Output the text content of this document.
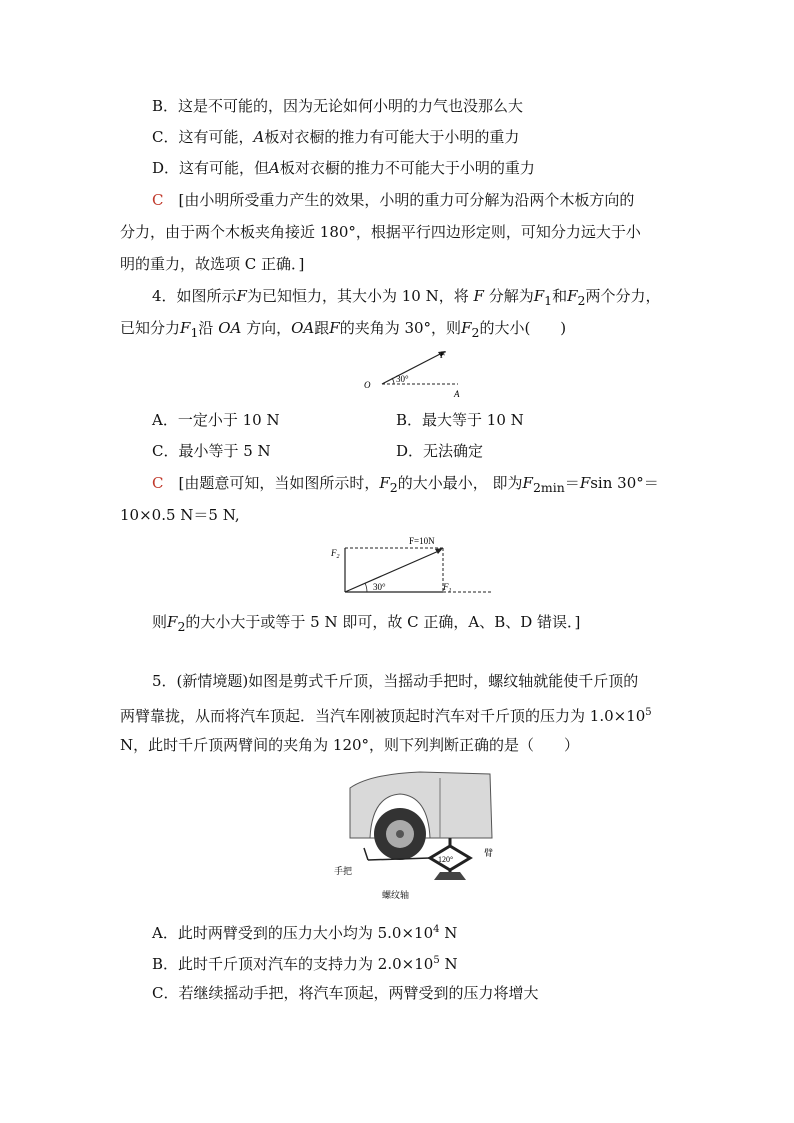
B．这是不可能的，因为无论如何小明的力气也没那么大
C．这有可能，A板对衣橱的推力有可能大于小明的重力
D．这有可能，但A板对衣橱的推力不可能大于小明的重力
C　 [由小明所受重力产生的效果，小明的重力可分解为沿两个木板方向的
分力，由于两个木板夹角接近 180°，根据平行四边形定则，可知分力远大于小
明的重力，故选项 C 正确．]
4．如图所示F为已知恒力，其大小为 10 N，将 F 分解为$F_1$和$F_2$两个分力，
已知分力$F_1$沿 OA 方向，OA跟F的夹角为 30°，则$F_2$的大小(　　)
F
O
A
30°
A．一定小于 10 N	B．最大等于 10 N
C．最小等于 5 N	D．无法确定
C　 [由题意可知，当如图所示时，$F_2$的大小最小， 即为$F_{2min}=Fsin$ 30°＝
10×0.5 N＝5 N,
F=10N
$F_2$
$F_1$
30°
则$F_2$的大小大于或等于 5 N 即可，故 C 正确，A、B、D 错误．]
5．(新情境题)如图是剪式千斤顶，当摇动手把时，螺纹轴就能使千斤顶的
两臂靠拢，从而将汽车顶起．当汽车刚被顶起时汽车对千斤顶的压力为 $1.0\times 10^5$
N，此时千斤顶两臂间的夹角为 120°，则下列判断正确的是（　　）
120°
手把
臂
螺纹轴
A．此时两臂受到的压力大小均为 $5.0\times 10^4$ N
B．此时千斤顶对汽车的支持力为 $2.0\times 10^5$ N
C．若继续摇动手把，将汽车顶起，两臂受到的压力将增大
